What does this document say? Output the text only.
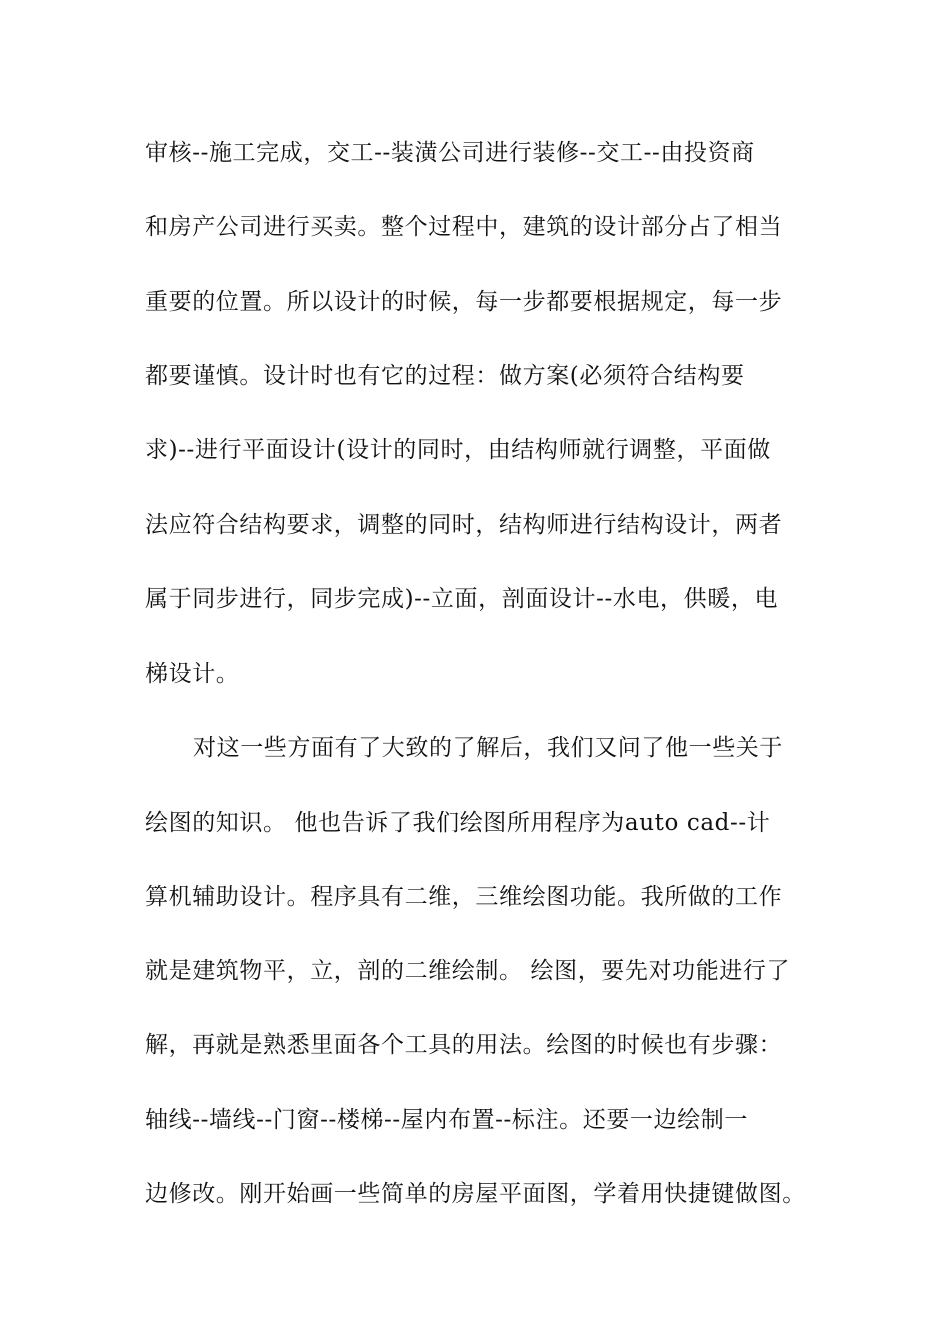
审核--施工完成，交工--装潢公司进行装修--交工--由投资商
和房产公司进行买卖。整个过程中，建筑的设计部分占了相当
重要的位置。所以设计的时候，每一步都要根据规定，每一步
都要谨慎。设计时也有它的过程：做方案(必须符合结构要
求)--进行平面设计(设计的同时，由结构师就行调整，平面做
法应符合结构要求，调整的同时，结构师进行结构设计，两者
属于同步进行，同步完成)--立面，剖面设计--水电，供暖，电
梯设计。
对这一些方面有了大致的了解后，我们又问了他一些关于
绘图的知识。 他也告诉了我们绘图所用程序为auto cad--计
算机辅助设计。程序具有二维，三维绘图功能。我所做的工作
就是建筑物平，立，剖的二维绘制。 绘图，要先对功能进行了
解，再就是熟悉里面各个工具的用法。绘图的时候也有步骤：
轴线--墙线--门窗--楼梯--屋内布置--标注。还要一边绘制一
边修改。刚开始画一些简单的房屋平面图，学着用快捷键做图。
